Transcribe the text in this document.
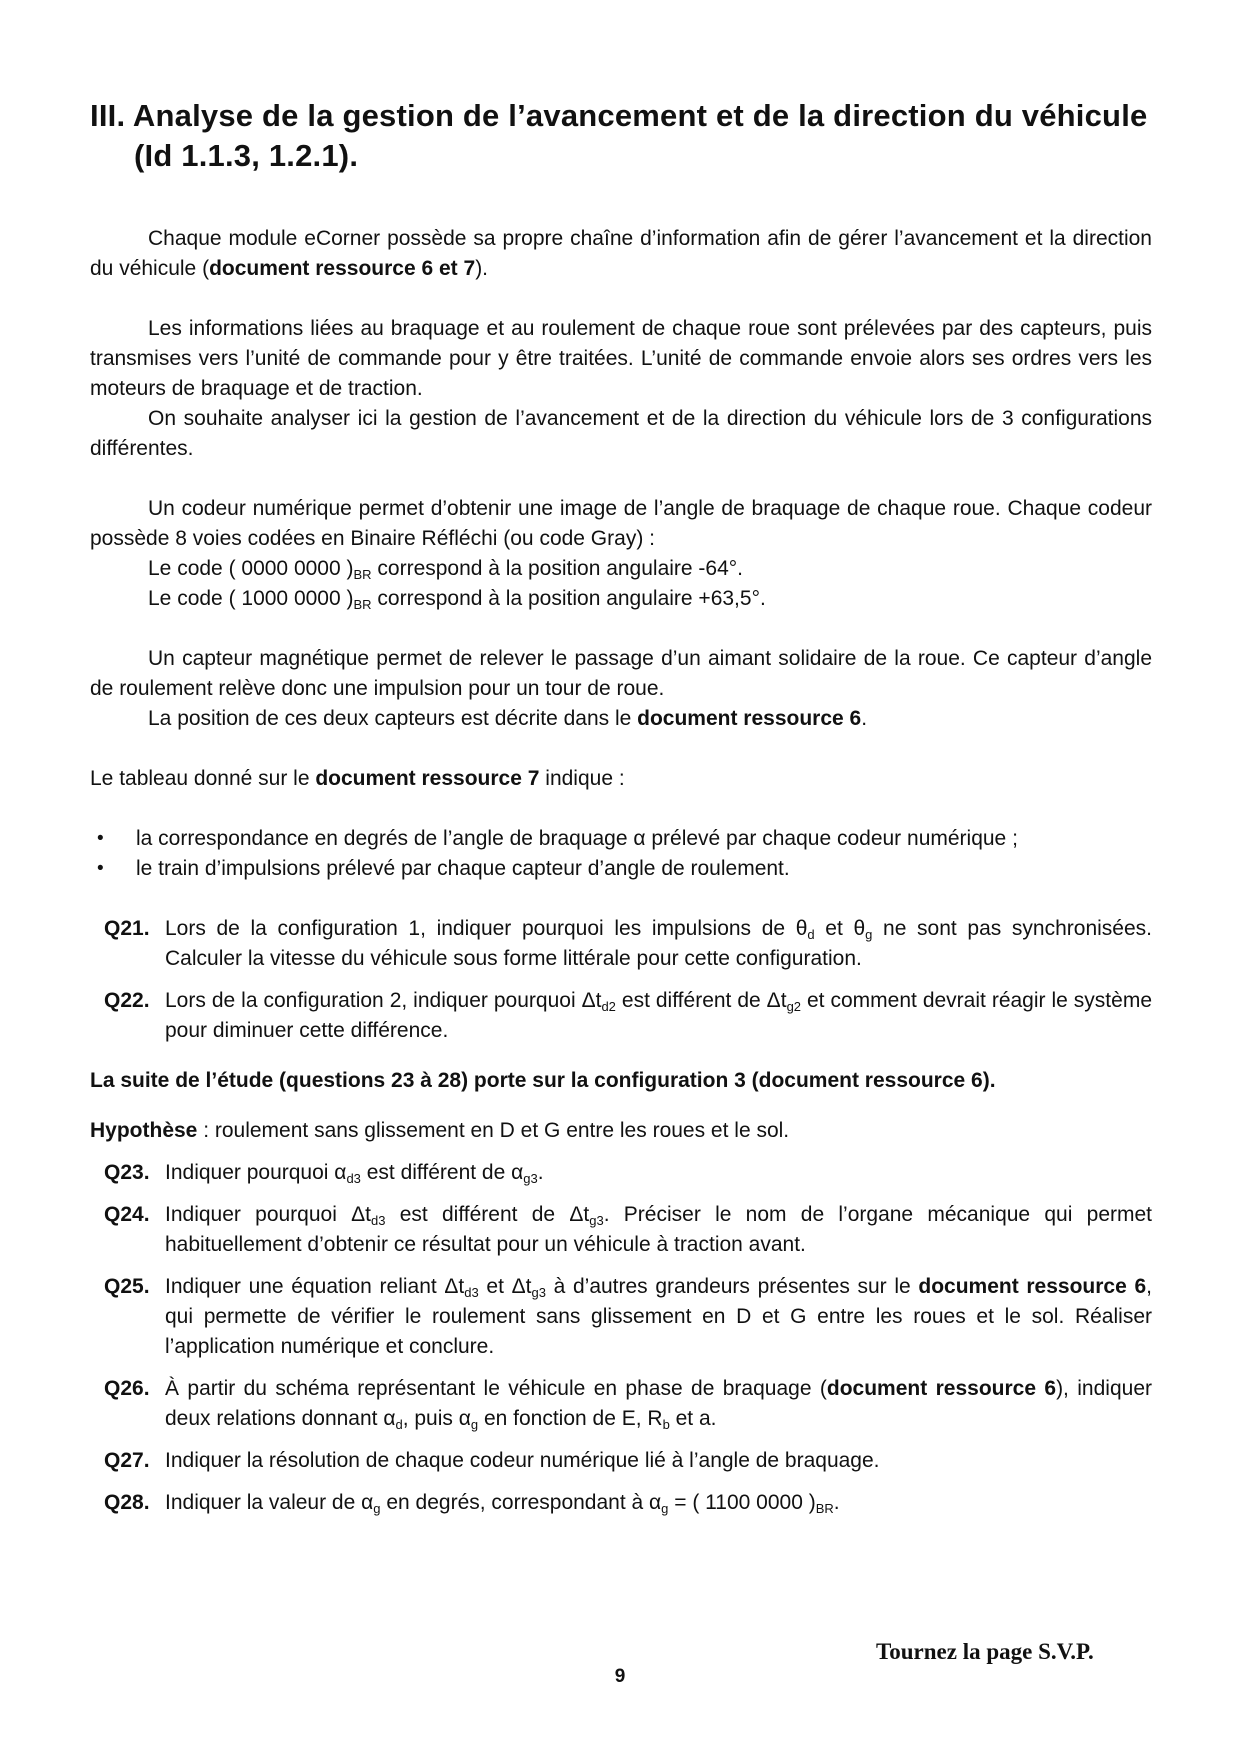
III. Analyse de la gestion de l’avancement et de la direction du véhicule (Id 1.1.3, 1.2.1).

Chaque module eCorner possède sa propre chaîne d’information afin de gérer l’avancement et la direction du véhicule (document ressource 6 et 7).

Les informations liées au braquage et au roulement de chaque roue sont prélevées par des capteurs, puis transmises vers l’unité de commande pour y être traitées. L’unité de commande envoie alors ses ordres vers les moteurs de braquage et de traction.

On souhaite analyser ici la gestion de l’avancement et de la direction du véhicule lors de 3 configurations différentes.

Un codeur numérique permet d’obtenir une image de l’angle de braquage de chaque roue. Chaque codeur possède 8 voies codées en Binaire Réfléchi (ou code Gray) :

Le code ( 0000 0000 )$_{BR}$ correspond à la position angulaire -64°.

Le code ( 1000 0000 )$_{BR}$ correspond à la position angulaire +63,5°.

Un capteur magnétique permet de relever le passage d’un aimant solidaire de la roue. Ce capteur d’angle de roulement relève donc une impulsion pour un tour de roue.

La position de ces deux capteurs est décrite dans le document ressource 6.

Le tableau donné sur le document ressource 7 indique :

• la correspondance en degrés de l’angle de braquage α prélevé par chaque codeur numérique ;
• le train d’impulsions prélevé par chaque capteur d’angle de roulement.
Q21. Lors de la configuration 1, indiquer pourquoi les impulsions de $\theta_d$ et $\theta_g$ ne sont pas synchronisées. Calculer la vitesse du véhicule sous forme littérale pour cette configuration.
Q22. Lors de la configuration 2, indiquer pourquoi $\Delta t_{d2}$ est différent de $\Delta t_{g2}$ et comment devrait réagir le système pour diminuer cette différence.

La suite de l’étude (questions 23 à 28) porte sur la configuration 3 (document ressource 6).

Hypothèse : roulement sans glissement en D et G entre les roues et le sol.

Q23. Indiquer pourquoi $\alpha_{d3}$ est différent de $\alpha_{g3}$.
Q24. Indiquer pourquoi $\Delta t_{d3}$ est différent de $\Delta t_{g3}$. Préciser le nom de l’organe mécanique qui permet habituellement d’obtenir ce résultat pour un véhicule à traction avant.
Q25. Indiquer une équation reliant $\Delta t_{d3}$ et $\Delta t_{g3}$ à d’autres grandeurs présentes sur le document ressource 6, qui permette de vérifier le roulement sans glissement en D et G entre les roues et le sol. Réaliser l’application numérique et conclure.
Q26. À partir du schéma représentant le véhicule en phase de braquage (document ressource 6), indiquer deux relations donnant $\alpha_d$, puis $\alpha_g$ en fonction de E, $R_b$ et a.
Q27. Indiquer la résolution de chaque codeur numérique lié à l’angle de braquage.
Q28. Indiquer la valeur de $\alpha_g$ en degrés, correspondant à $\alpha_g$ = ( 1100 0000 )$_{BR}$.
Tournez la page S.V.P.
9
